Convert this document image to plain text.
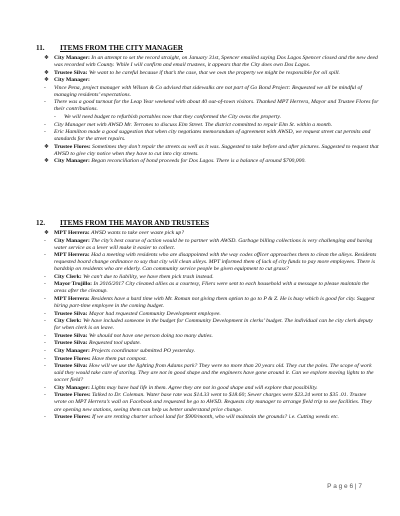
11. ITEMS FROM THE CITY MANAGER
❖ City Manager: In an attempt to set the record straight, on January 31st, Spencer emailed saying Dos Lagos Spencer closed and the new deed was recorded with County. While I will confirm and email trustees, it appears that the City does own Dos Lagos.
❖ Trustee Silva: We want to be careful because if that’s the case, that we own the property we might be responsible for oil spill.
❖ City Manager:
-	Vince Pena, project manager with Wilson & Co advised that sidewalks are not part of Go Bond Project: Requested we all be mindful of managing residents’ expectations.
-	There was a good turnout for the Leap Year weekend with about 40 out-of-town visitors. Thanked MPT Herrera, Mayor and Trustee Flores for their contributions.
-	We will need budget to refurbish portables now that they conformed the City owns the property.
-	City Manager met with AWSD Mr. Terrones to discuss Elm Street. The district committed to repair Elm St. within a month.
-	Eric Hamilton made a good suggestion that when city negotiates memorandum of agreement with AWSD, we request street cut permits and standards for the street repairs.
❖ Trustee Flores: Sometimes they don’t repair the streets as well as it was. Suggested to take before and after pictures. Suggested to request that AWSD to give city notice when they have to cut into city streets.
❖ City Manager: Began reconciliation of bond proceeds for Dos Lagos. There is a balance of around $700,000.
12. ITEMS FROM THE MAYOR AND TRUSTEES
❖ MPT Herrera: AWSD wants to take over waste pick up?
-	City Manager: The city’s best course of action would be to partner with AWSD. Garbage billing collections is very challenging and having water service as a lever will make it easier to collect.
-	MPT Herrera: Had a meeting with residents who are disappointed with the way codes officer approaches them to clean the alleys. Residents requested board change ordinance to say that city will clean alleys. MPT informed them of lack of city funds to pay more employees. There is hardship on residents who are elderly. Can community service people be given equipment to cut grass?
-	City Clerk: We can’t due to liability, we have them pick trash instead.
-	Mayor Trujillo: In 2016/2017 City cleaned allies as a courtesy, Fliers were sent to each household with a message to please maintain the areas after the cleanup.
-	MPT Herrera: Residents have a hard time with Mr. Roman not giving them option to go to P & Z. He is busy which is good for city. Suggest hiring part-time employee in the coming budget.
-	Trustee Silva: Mayor had requested Community Development employee.
-	City Clerk: We have included someone in the budget for Community Development in clerks’ budget. The individual can be city clerk deputy for when clerk is on leave.
-	Trustee Silva: We should not have one person doing too many duties.
-	Trustee Silva: Requested tool update.
-	City Manager: Projects coordinator submitted PO yesterday.
-	Trustee Flores: Have them put compost.
-	Trustee Silva: How will we use the lighting from Adams park? They were no more than 20 years old. They cut the poles. The scope of work said they would take care of storing. They are not in good shape and the engineers have gone around it. Can we explore moving lights to the soccer field?
-	City Manager: Lights may have had life in them. Agree they are not in good shape and will explore that possibility.
-	Trustee Flores: Talked to Dr. Coleman. Water base rate was $14.33 went to $18.60; Sewer charges were $23.24 went to $35 .01. Trustee wrote on MPT Herrera’s wall on Facebook and requested he go to AWSD. Requests city manager to arrange field trip to see facilities. They are opening new stations, seeing them can help us better understand price change.
-	Trustee Flores: If we are renting charter school land for $900/month, who will maintain the grounds? i.e. Cutting weeds etc.
P a g e 6 | 7
